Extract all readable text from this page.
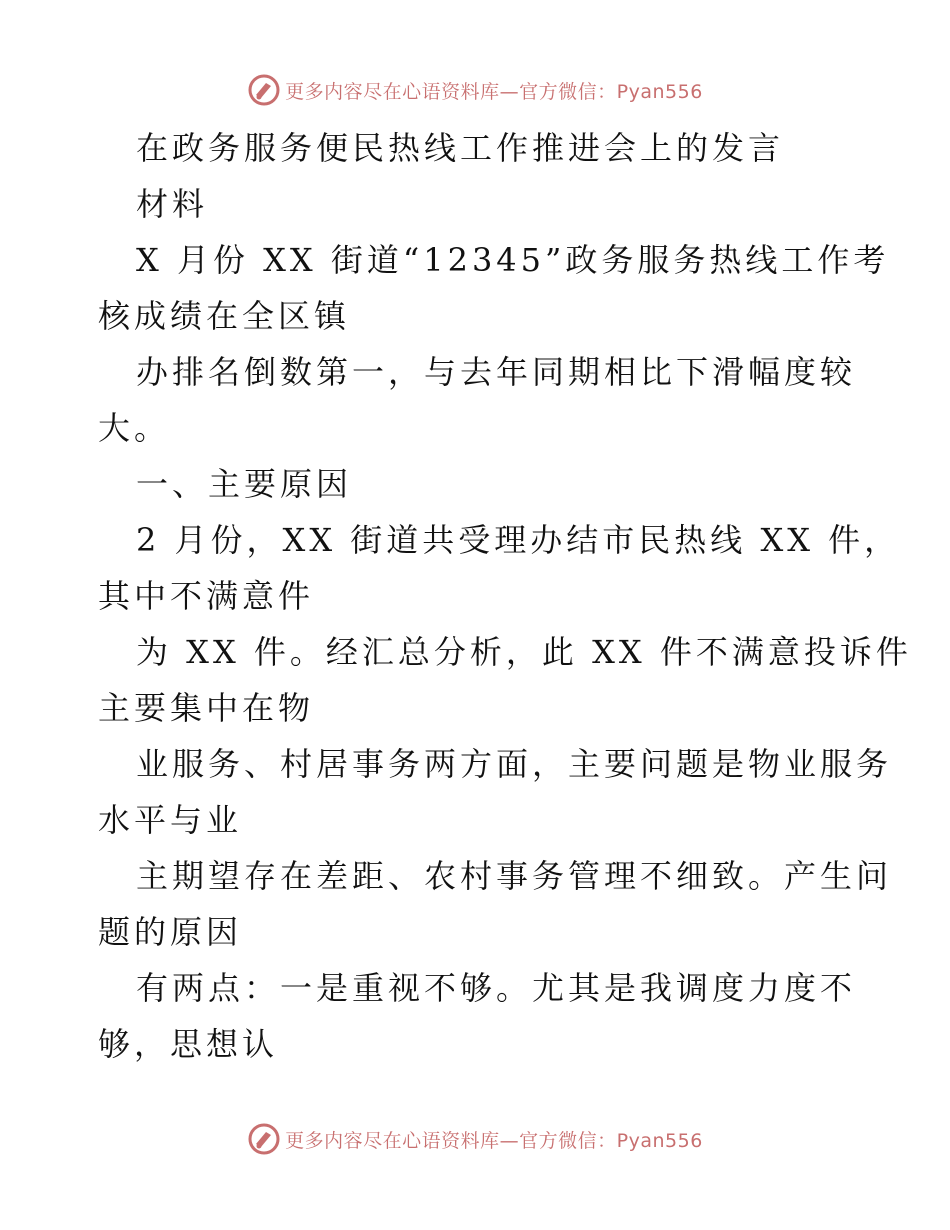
更多内容尽在心语资料库—官方微信：Pyan556
在政务服务便民热线工作推进会上的发言
材料
X 月份 XX 街道“12345”政务服务热线工作考
核成绩在全区镇
办排名倒数第一，与去年同期相比下滑幅度较
大。
一、主要原因
2 月份，XX 街道共受理办结市民热线 XX 件，
其中不满意件
为 XX 件。经汇总分析，此 XX 件不满意投诉件
主要集中在物
业服务、村居事务两方面，主要问题是物业服务
水平与业
主期望存在差距、农村事务管理不细致。产生问
题的原因
有两点：一是重视不够。尤其是我调度力度不
够，思想认
更多内容尽在心语资料库—官方微信：Pyan556
